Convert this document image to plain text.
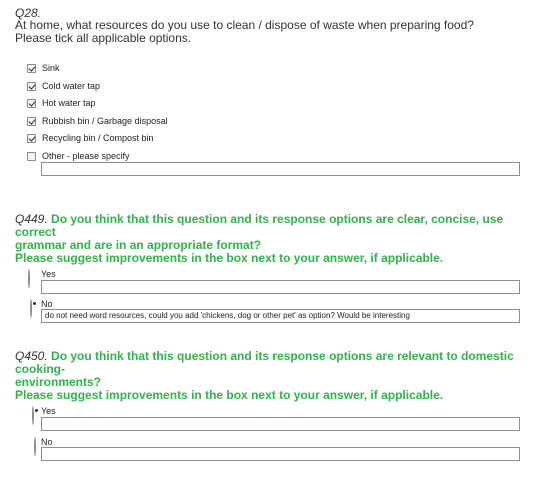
Q28.
At home, what resources do you use to clean / dispose of waste when preparing food?
Please tick all applicable options.
Sink
Cold water tap
Hot water tap
Rubbish bin / Garbage disposal
Recycling bin / Compost bin
Other - please specify
Q449. Do you think that this question and its response options are clear, concise, use correct
grammar and are in an appropriate format?
Please suggest improvements in the box next to your answer, if applicable.
Yes
No
do not need word resources, could you add 'chickens, dog or other pet' as option? Would be interesting
Q450. Do you think that this question and its response options are relevant to domestic cooking-
environments?
Please suggest improvements in the box next to your answer, if applicable.
Yes
No
